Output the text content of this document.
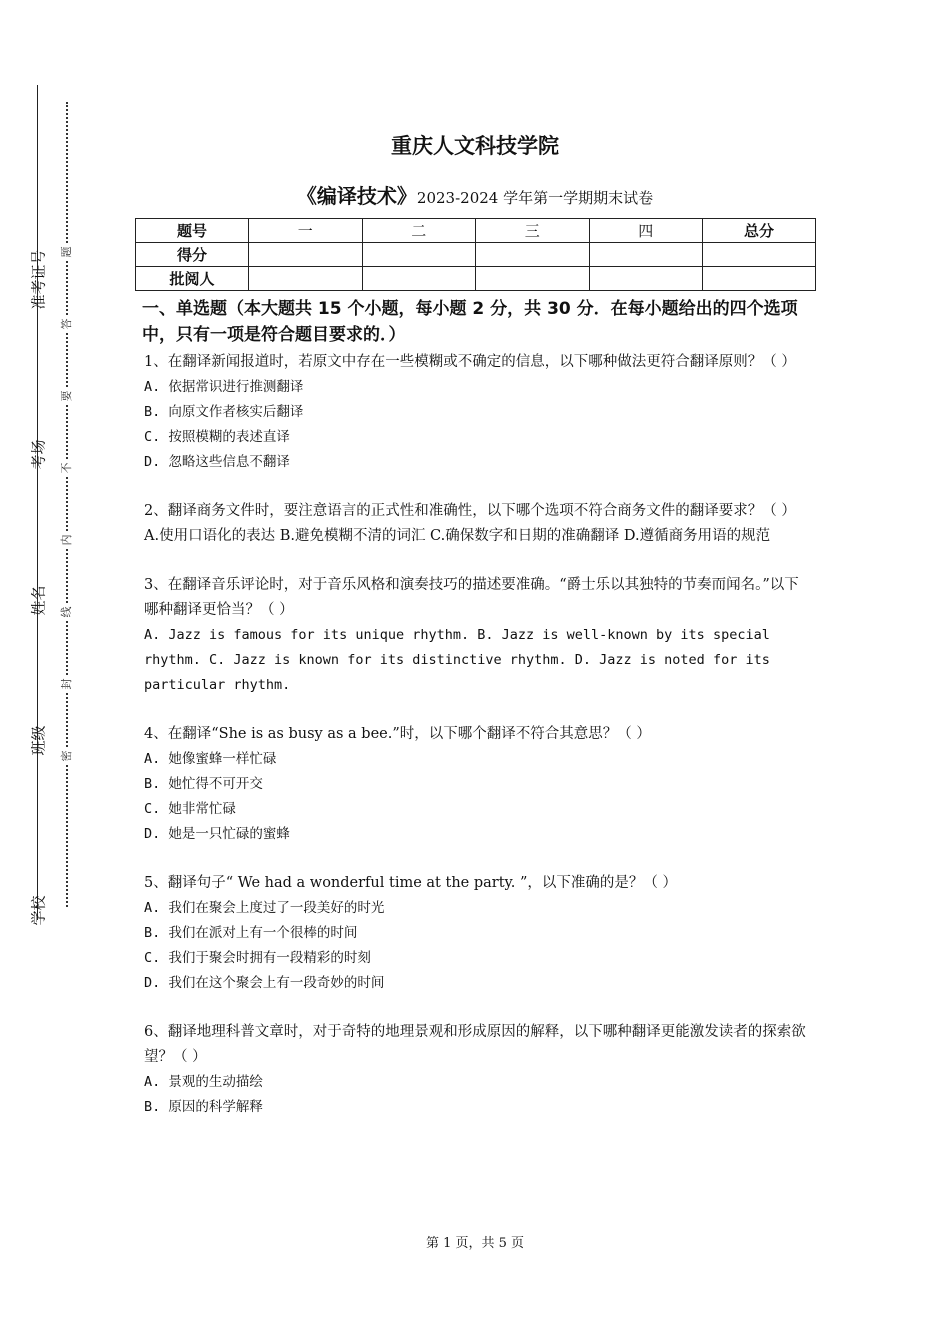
准考证号
考场
姓名
班级
学校
题
答
要
不
内
线
封
密
重庆人文科技学院
《编译技术》2023-2024 学年第一学期期末试卷
题号	一	二	三	四	总分
得分					
批阅人					
一、单选题（本大题共 15 个小题，每小题 2 分，共 30 分．在每小题给出的四个选项中，只有一项是符合题目要求的．）

1、在翻译新闻报道时，若原文中存在一些模糊或不确定的信息，以下哪种做法更符合翻译原则？（ ）

A. 依据常识进行推测翻译

B. 向原文作者核实后翻译

C. 按照模糊的表述直译

D. 忽略这些信息不翻译

2、翻译商务文件时，要注意语言的正式性和准确性，以下哪个选项不符合商务文件的翻译要求？（ ）

A.使用口语化的表达 B.避免模糊不清的词汇 C.确保数字和日期的准确翻译 D.遵循商务用语的规范

3、在翻译音乐评论时，对于音乐风格和演奏技巧的描述要准确。“爵士乐以其独特的节奏而闻名。”以下哪种翻译更恰当？（ ）

A. Jazz is famous for its unique rhythm. B. Jazz is well-known by its special rhythm. C. Jazz is known for its distinctive rhythm. D. Jazz is noted for its particular rhythm.

4、在翻译“She is as busy as a bee.”时，以下哪个翻译不符合其意思？（ ）

A. 她像蜜蜂一样忙碌

B. 她忙得不可开交

C. 她非常忙碌

D. 她是一只忙碌的蜜蜂

5、翻译句子“ We had a wonderful time at the party. ”，以下准确的是？（ ）

A. 我们在聚会上度过了一段美好的时光

B. 我们在派对上有一个很棒的时间

C. 我们于聚会时拥有一段精彩的时刻

D. 我们在这个聚会上有一段奇妙的时间

6、翻译地理科普文章时，对于奇特的地理景观和形成原因的解释，以下哪种翻译更能激发读者的探索欲望？（ ）

A. 景观的生动描绘

B. 原因的科学解释

第 1 页，共 5 页
